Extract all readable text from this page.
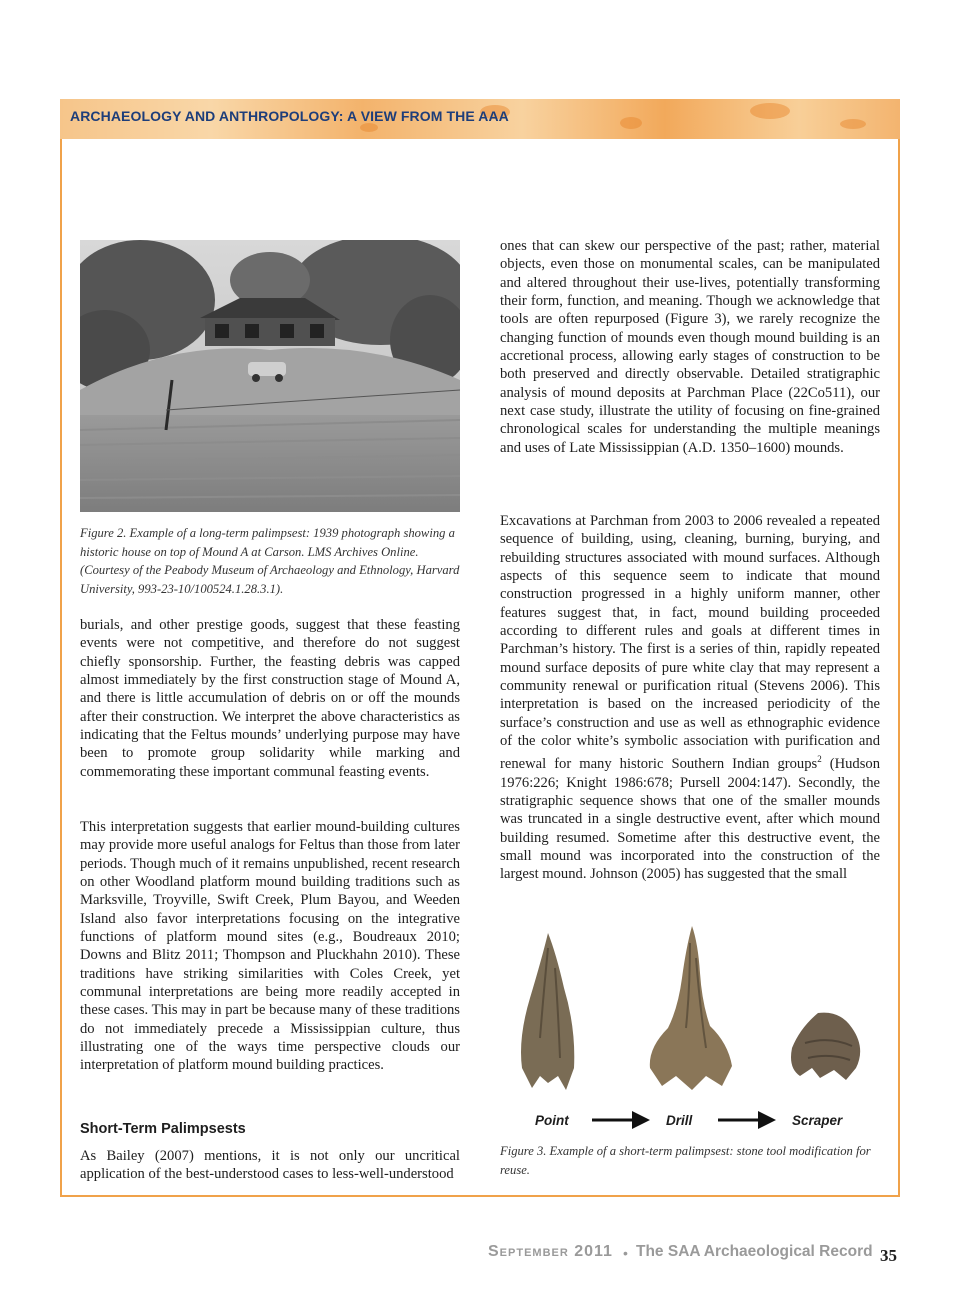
ARCHAEOLOGY AND ANTHROPOLOGY: A VIEW FROM THE AAA
Figure 2. Example of a long-term palimpsest: 1939 photograph showing a historic house on top of Mound A at Carson. LMS Archives Online. (Courtesy of the Peabody Museum of Archaeology and Ethnology, Harvard University, 993-23-10/100524.1.28.3.1).

burials, and other prestige goods, suggest that these feasting events were not competitive, and therefore do not suggest chiefly sponsorship. Further, the feasting debris was capped almost immediately by the first construction stage of Mound A, and there is little accumulation of debris on or off the mounds after their construction. We interpret the above characteristics as indicating that the Feltus mounds’ underlying purpose may have been to promote group solidarity while marking and commemorating these important communal feasting events.

This interpretation suggests that earlier mound-building cultures may provide more useful analogs for Feltus than those from later periods. Though much of it remains unpublished, recent research on other Woodland platform mound building traditions such as Marksville, Troyville, Swift Creek, Plum Bayou, and Weeden Island also favor interpretations focusing on the integrative functions of platform mound sites (e.g., Boudreaux 2010; Downs and Blitz 2011; Thompson and Pluckhahn 2010). These traditions have striking similarities with Coles Creek, yet communal interpretations are being more readily accepted in these cases. This may in part be because many of these traditions do not immediately precede a Mississippian culture, thus illustrating one of the ways time perspective clouds our interpretation of platform mound building practices.

Short-Term Palimpsests

As Bailey (2007) mentions, it is not only our uncritical application of the best-understood cases to less-well-understood

ones that can skew our perspective of the past; rather, material objects, even those on monumental scales, can be manipulated and altered throughout their use-lives, potentially transforming their form, function, and meaning. Though we acknowledge that tools are often repurposed (Figure 3), we rarely recognize the changing function of mounds even though mound building is an accretional process, allowing early stages of construction to be both preserved and directly observable. Detailed stratigraphic analysis of mound deposits at Parchman Place (22Co511), our next case study, illustrate the utility of focusing on fine-grained chronological scales for understanding the multiple meanings and uses of Late Mississippian (A.D. 1350–1600) mounds.

Excavations at Parchman from 2003 to 2006 revealed a repeated sequence of building, using, cleaning, burning, burying, and rebuilding structures associated with mound surfaces. Although aspects of this sequence seem to indicate that mound construction progressed in a highly uniform manner, other features suggest that, in fact, mound building proceeded according to different rules and goals at different times in Parchman’s history. The first is a series of thin, rapidly repeated mound surface deposits of pure white clay that may represent a community renewal or purification ritual (Stevens 2006). This interpretation is based on the increased periodicity of the surface’s construction and use as well as ethnographic evidence of the color white’s symbolic association with purification and renewal for many historic Southern Indian groups$^2$ (Hudson 1976:226; Knight 1986:678; Pursell 2004:147). Secondly, the stratigraphic sequence shows that one of the smaller mounds was truncated in a single destructive event, after which mound building resumed. Sometime after this destructive event, the small mound was incorporated into the construction of the largest mound. Johnson (2005) has suggested that the small

Point	Drill	Scraper
Figure 3. Example of a short-term palimpsest: stone tool modification for reuse.
September 2011 • The SAA Archaeological Record 35
